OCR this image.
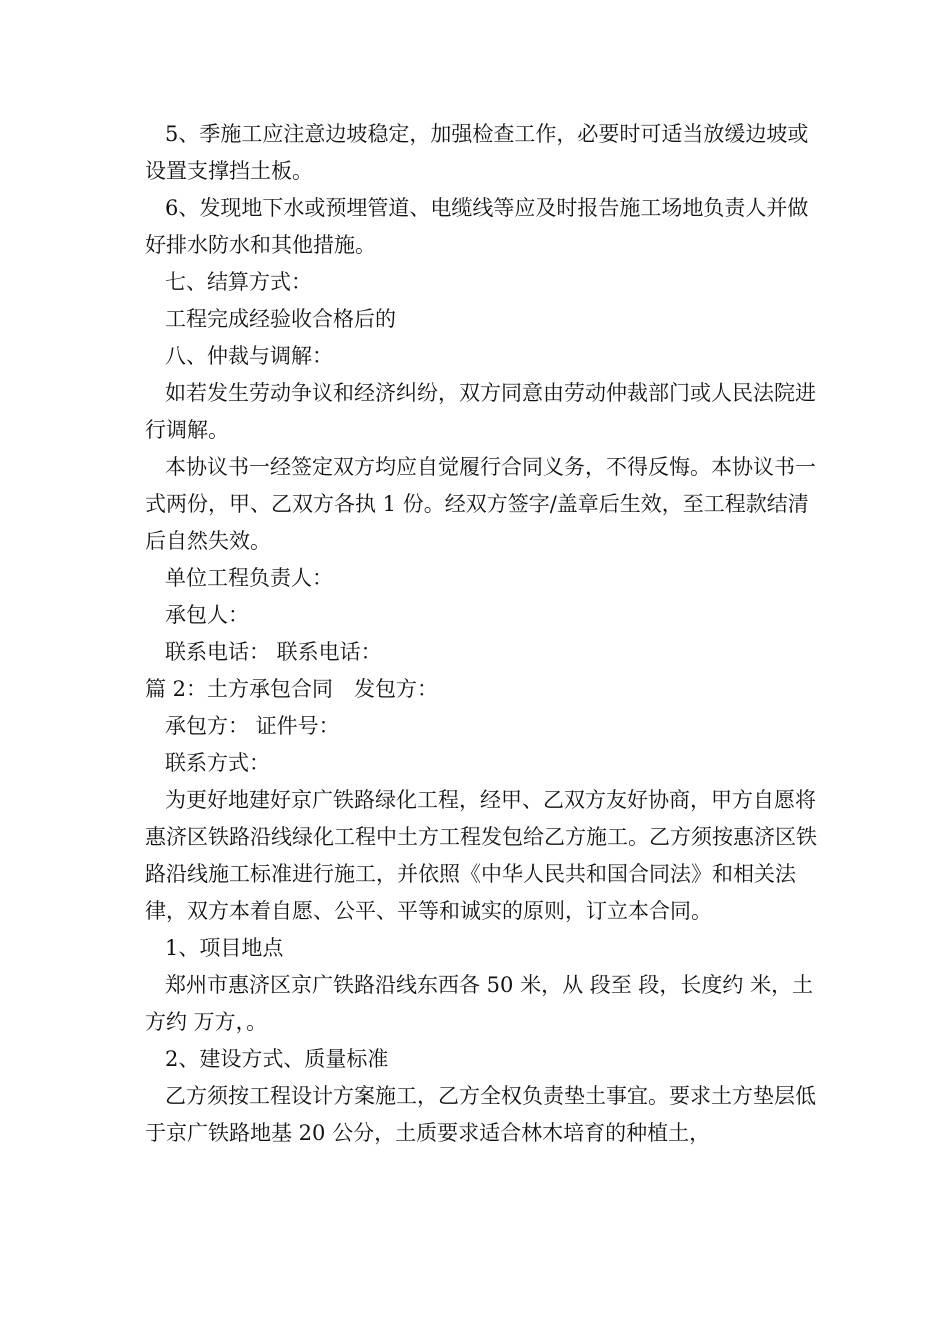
5、季施工应注意边坡稳定，加强检查工作，必要时可适当放缓边坡或设置支撑挡土板。

6、发现地下水或预埋管道、电缆线等应及时报告施工场地负责人并做好排水防水和其他措施。

七、结算方式：

工程完成经验收合格后的

八、仲裁与调解：

如若发生劳动争议和经济纠纷，双方同意由劳动仲裁部门或人民法院进行调解。

本协议书一经签定双方均应自觉履行合同义务，不得反悔。本协议书一式两份，甲、乙双方各执 1 份。经双方签字/盖章后生效，至工程款结清后自然失效。

单位工程负责人：

承包人：

联系电话： 联系电话：

篇 2：土方承包合同　发包方：

承包方： 证件号：

联系方式：

为更好地建好京广铁路绿化工程，经甲、乙双方友好协商，甲方自愿将惠济区铁路沿线绿化工程中土方工程发包给乙方施工。乙方须按惠济区铁路沿线施工标准进行施工，并依照《中华人民共和国合同法》和相关法律，双方本着自愿、公平、平等和诚实的原则，订立本合同。

1、项目地点

郑州市惠济区京广铁路沿线东西各 50 米，从 段至 段，长度约 米，土方约 万方，。

2、建设方式、质量标准

乙方须按工程设计方案施工，乙方全权负责垫土事宜。要求土方垫层低于京广铁路地基 20 公分，土质要求适合林木培育的种植土，
